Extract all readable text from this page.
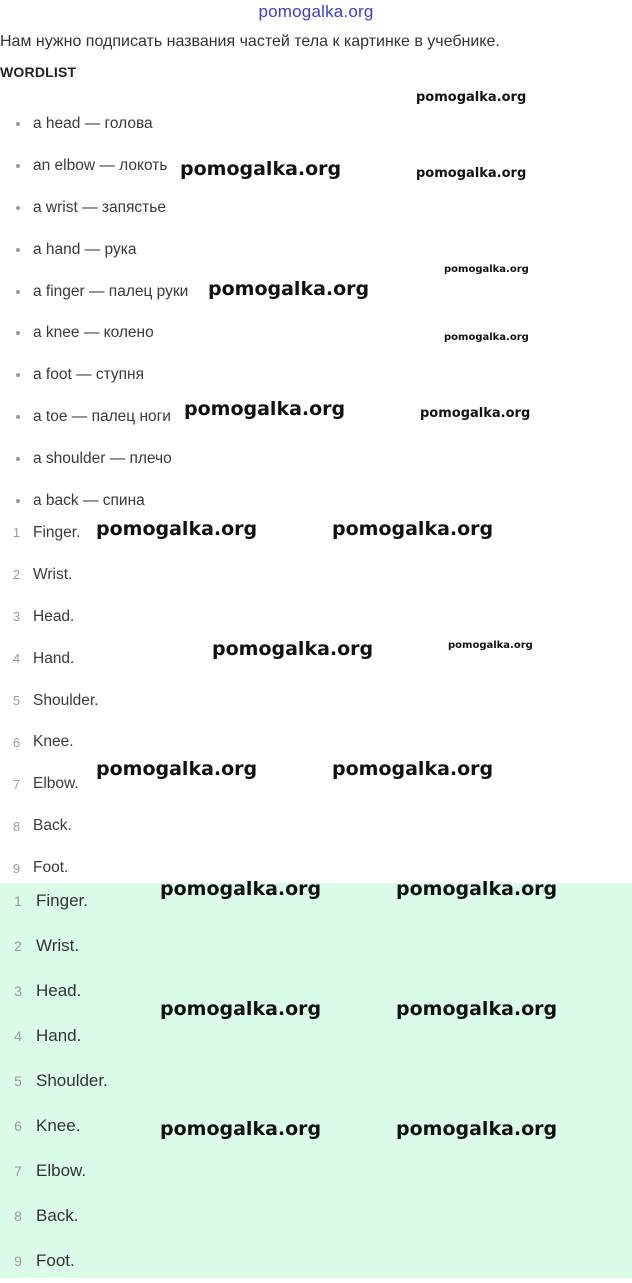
pomogalka.org
Нам нужно подписать названия частей тела к картинке в учебнике.
WORDLIST
a head — голова
an elbow — локоть
a wrist — запястье
a hand — рука
a finger — палец руки
a knee — колено
a foot — ступня
a toe — палец ноги
a shoulder — плечо
a back — спина
1 Finger.
2 Wrist.
3 Head.
4 Hand.
5 Shoulder.
6 Knee.
7 Elbow.
8 Back.
9 Foot.
1 Finger.
2 Wrist.
3 Head.
4 Hand.
5 Shoulder.
6 Knee.
7 Elbow.
8 Back.
9 Foot.
pomogalka.org
pomogalka.org	pomogalka.org
pomogalka.org
pomogalka.org
pomogalka.org
pomogalka.org	pomogalka.org
pomogalka.org	pomogalka.org
pomogalka.org	pomogalka.org
pomogalka.org	pomogalka.org
pomogalka.org	pomogalka.org
pomogalka.org	pomogalka.org
pomogalka.org	pomogalka.org
